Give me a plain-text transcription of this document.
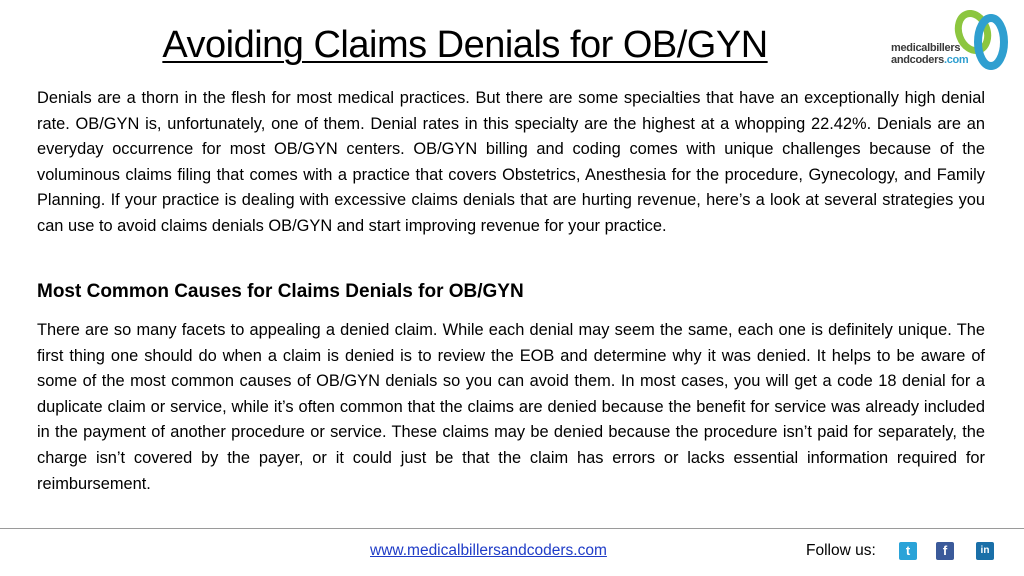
Avoiding Claims Denials for OB/GYN	medicalbillers
andcoders.com

Denials are a thorn in the flesh for most medical practices. But there are some specialties that have an exceptionally high denial rate. OB/GYN is, unfortunately, one of them. Denial rates in this specialty are the highest at a whopping 22.42%. Denials are an everyday occurrence for most OB/GYN centers. OB/GYN billing and coding comes with unique challenges because of the voluminous claims filing that comes with a practice that covers Obstetrics, Anesthesia for the procedure, Gynecology, and Family Planning. If your practice is dealing with excessive claims denials that are hurting revenue, here’s a look at several strategies you can use to avoid claims denials OB/GYN and start improving revenue for your practice.

Most Common Causes for Claims Denials for OB/GYN

There are so many facets to appealing a denied claim. While each denial may seem the same, each one is definitely unique. The first thing one should do when a claim is denied is to review the EOB and determine why it was denied. It helps to be aware of some of the most common causes of OB/GYN denials so you can avoid them. In most cases, you will get a code 18 denial for a duplicate claim or service, while it’s often common that the claims are denied because the benefit for service was already included in the payment of another procedure or service. These claims may be denied because the procedure isn’t paid for separately, the charge isn’t covered by the payer, or it could just be that the claim has errors or lacks essential information required for reimbursement.

www.medicalbillersandcoders.com	Follow us:	t	f	in
